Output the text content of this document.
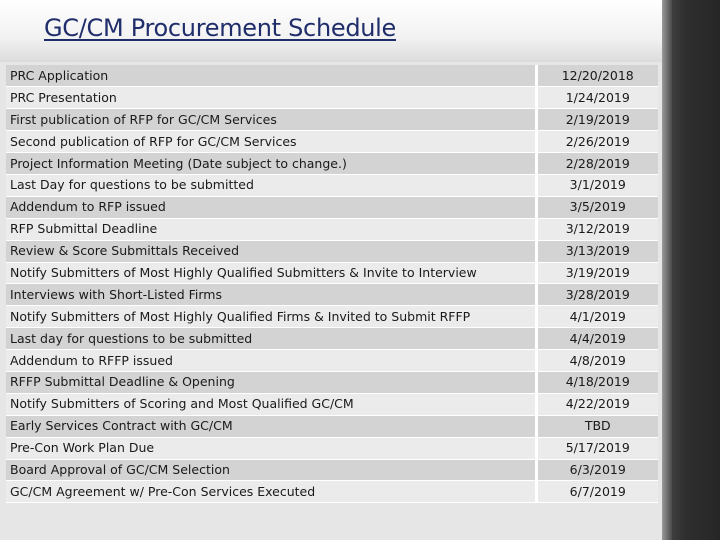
GC/CM Procurement Schedule
PRC Application	12/20/2018
PRC Presentation	1/24/2019
First publication of RFP for GC/CM Services	2/19/2019
Second publication of RFP for GC/CM Services	2/26/2019
Project Information Meeting (Date subject to change.)	2/28/2019
Last Day for questions to be submitted	3/1/2019
Addendum to RFP issued	3/5/2019
RFP Submittal Deadline	3/12/2019
Review & Score Submittals Received	3/13/2019
Notify Submitters of Most Highly Qualified Submitters & Invite to Interview	3/19/2019
Interviews with Short-Listed Firms	3/28/2019
Notify Submitters of Most Highly Qualified Firms & Invited to Submit RFFP	4/1/2019
Last day for questions to be submitted	4/4/2019
Addendum to RFFP issued	4/8/2019
RFFP Submittal Deadline & Opening	4/18/2019
Notify Submitters of Scoring and Most Qualified GC/CM	4/22/2019
Early Services Contract with GC/CM	TBD
Pre-Con Work Plan Due	5/17/2019
Board Approval of GC/CM Selection	6/3/2019
GC/CM Agreement w/ Pre-Con Services Executed	6/7/2019
